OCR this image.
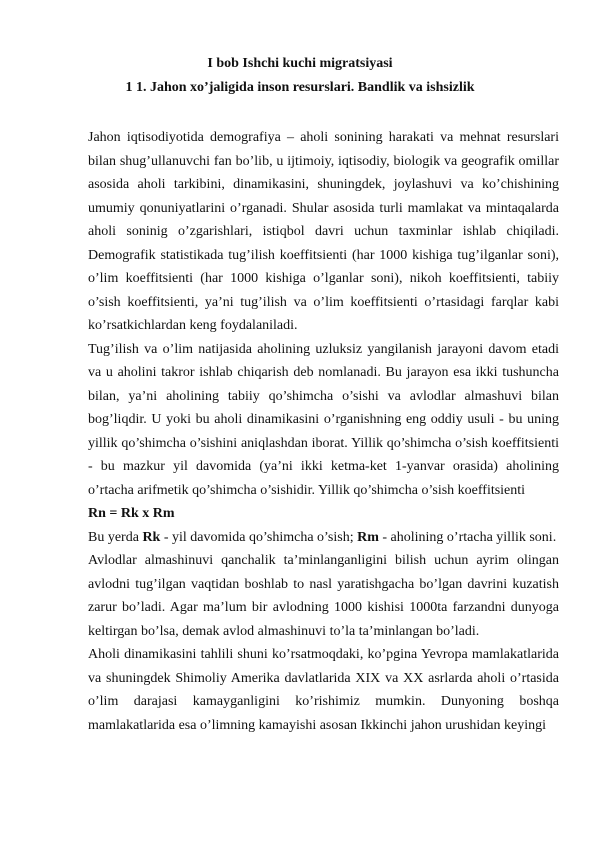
I bob Ishchi kuchi migratsiyasi
1 1. Jahon xo’jaligida inson resurslari. Bandlik va ishsizlik

Jahon iqtisodiyotida demografiya – aholi sonining harakati va mehnat resurslari bilan shug’ullanuvchi fan bo’lib, u ijtimoiy, iqtisodiy, biologik va geografik omillar asosida aholi tarkibini, dinamikasini, shuningdek, joylashuvi va ko’chishining umumiy qonuniyatlarini o’rganadi. Shular asosida turli mamlakat va mintaqalarda aholi soninig o’zgarishlari, istiqbol davri uchun taxminlar ishlab chiqiladi. Demografik statistikada tug’ilish koeffitsienti (har 1000 kishiga tug’ilganlar soni), o’lim koeffitsienti (har 1000 kishiga o’lganlar soni), nikoh koeffitsienti, tabiiy o’sish koeffitsienti, ya’ni tug’ilish va o’lim koeffitsienti o’rtasidagi farqlar kabi ko’rsatkichlardan keng foydalaniladi.

Tug’ilish va o’lim natijasida aholining uzluksiz yangilanish jarayoni davom etadi va u aholini takror ishlab chiqarish deb nomlanadi. Bu jarayon esa ikki tushuncha bilan, ya’ni aholining tabiiy qo’shimcha o’sishi va avlodlar almashuvi bilan bog’liqdir. U yoki bu aholi dinamikasini o’rganishning eng oddiy usuli - bu uning yillik qo’shimcha o’sishini aniqlashdan iborat. Yillik qo’shimcha o’sish koeffitsienti - bu mazkur yil davomida (ya’ni ikki ketma-ket 1-yanvar orasida) aholining o’rtacha arifmetik qo’shimcha o’sishidir. Yillik qo’shimcha o’sish koeffitsienti

Rn = Rk x Rm

Bu yerda Rk - yil davomida qo’shimcha o’sish; Rm - aholining o’rtacha yillik soni.

Avlodlar almashinuvi qanchalik ta’minlanganligini bilish uchun ayrim olingan avlodni tug’ilgan vaqtidan boshlab to nasl yaratishgacha bo’lgan davrini kuzatish zarur bo’ladi. Agar ma’lum bir avlodning 1000 kishisi 1000ta farzandni dunyoga keltirgan bo’lsa, demak avlod almashinuvi to’la ta’minlangan bo’ladi.

Aholi dinamikasini tahlili shuni ko’rsatmoqdaki, ko’pgina Yevropa mamlakatlarida va shuningdek Shimoliy Amerika davlatlarida XIX va XX asrlarda aholi o’rtasida o’lim darajasi kamayganligini ko’rishimiz mumkin. Dunyoning boshqa mamlakatlarida esa o’limning kamayishi asosan Ikkinchi jahon urushidan keyingi
